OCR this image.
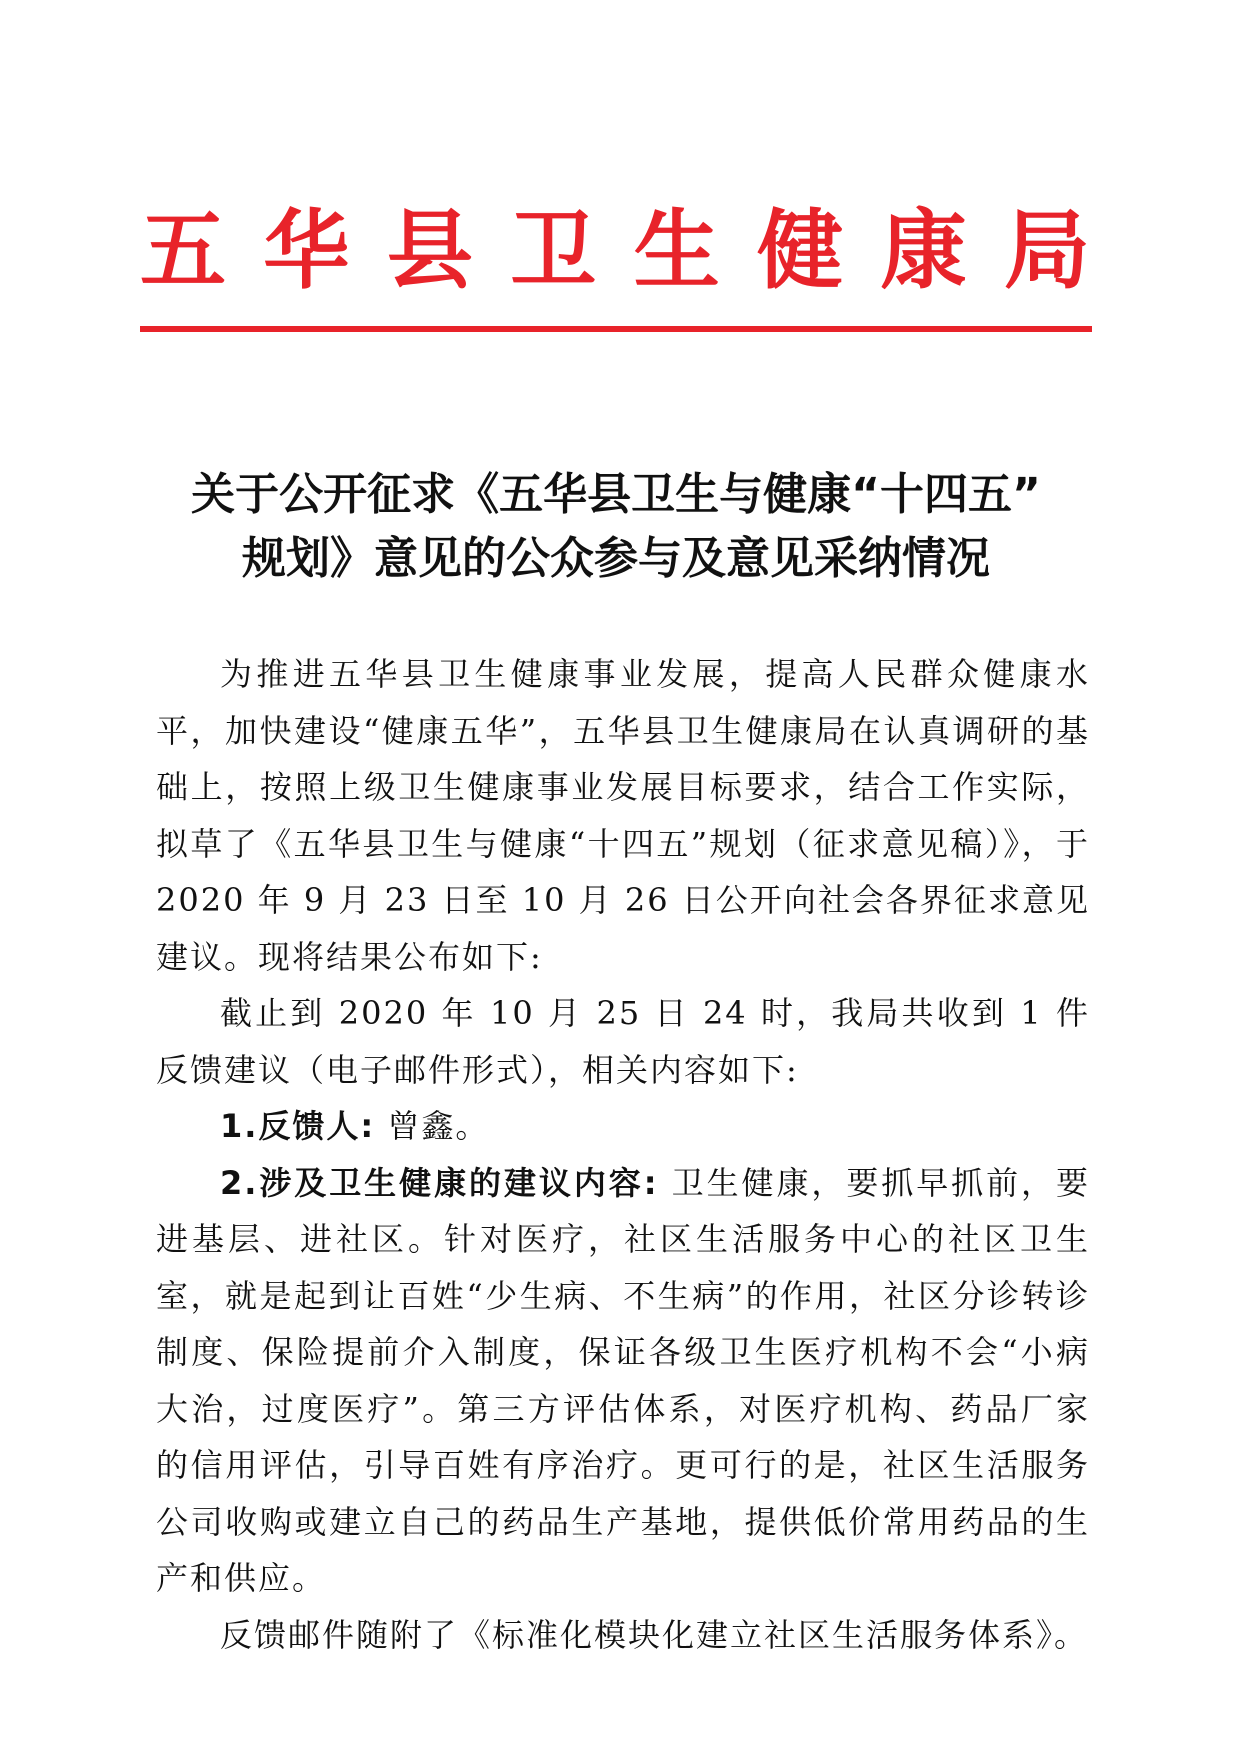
五 华 县 卫 生 健 康 局
关于公开征求《五华县卫生与健康“十四五”
规划》意见的公众参与及意见采纳情况

为推进五华县卫生健康事业发展，提高人民群众健康水平，加快建设“健康五华”，五华县卫生健康局在认真调研的基础上，按照上级卫生健康事业发展目标要求，结合工作实际，拟草了《五华县卫生与健康“十四五”规划（征求意见稿）》，于 2020 年 9 月 23 日至 10 月 26 日公开向社会各界征求意见建议。现将结果公布如下:

截止到 2020 年 10 月 25 日 24 时，我局共收到 1 件反馈建议（电子邮件形式），相关内容如下:

1.反馈人: 曾鑫。

2.涉及卫生健康的建议内容: 卫生健康，要抓早抓前，要进基层、进社区。针对医疗，社区生活服务中心的社区卫生室，就是起到让百姓“少生病、不生病”的作用，社区分诊转诊制度、保险提前介入制度，保证各级卫生医疗机构不会“小病大治，过度医疗”。第三方评估体系，对医疗机构、药品厂家的信用评估，引导百姓有序治疗。更可行的是，社区生活服务公司收购或建立自己的药品生产基地，提供低价常用药品的生产和供应。

反馈邮件随附了《标准化模块化建立社区生活服务体系》。
